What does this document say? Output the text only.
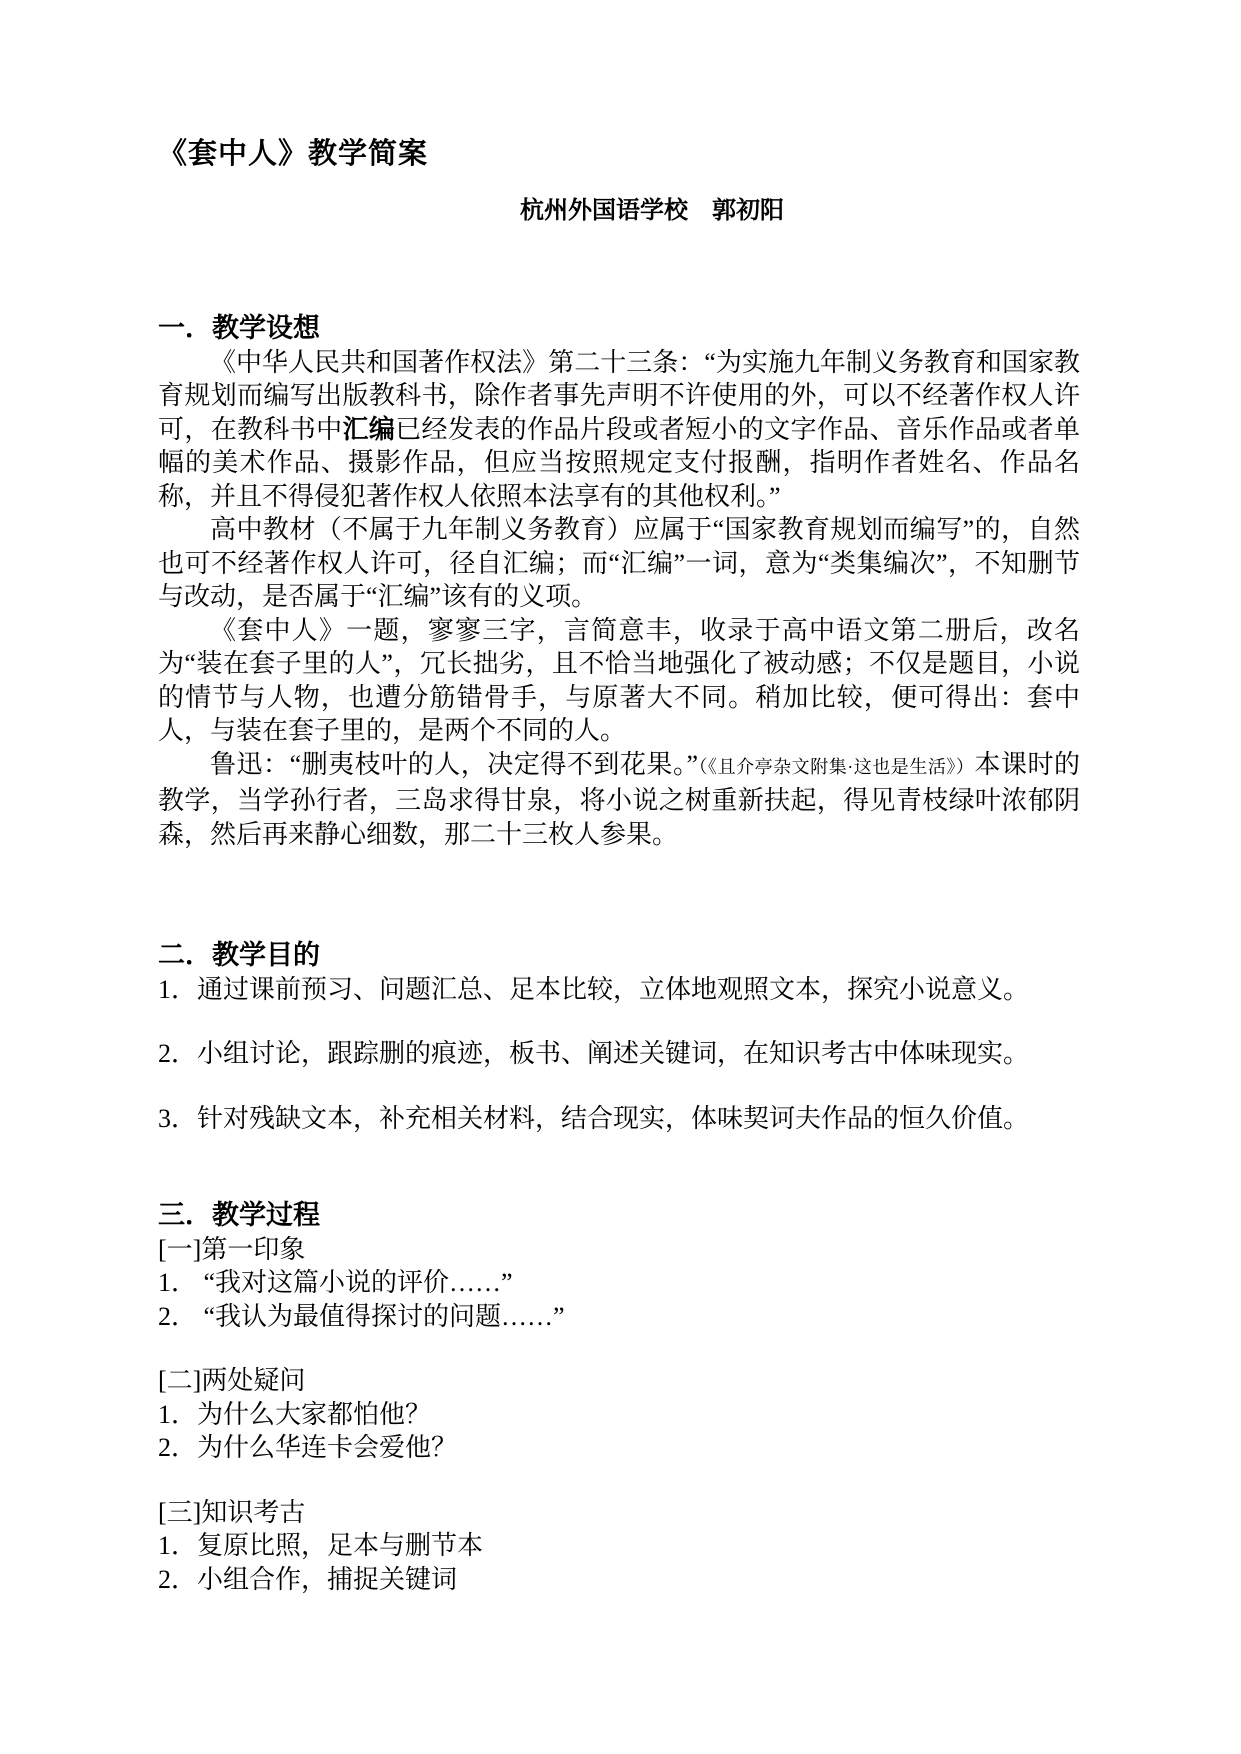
《套中人》教学简案
杭州外国语学校　郭初阳
一．教学设想

《中华人民共和国著作权法》第二十三条：“为实施九年制义务教育和国家教育规划而编写出版教科书，除作者事先声明不许使用的外，可以不经著作权人许可，在教科书中汇编已经发表的作品片段或者短小的文字作品、音乐作品或者单幅的美术作品、摄影作品，但应当按照规定支付报酬，指明作者姓名、作品名称，并且不得侵犯著作权人依照本法享有的其他权利。”

高中教材（不属于九年制义务教育）应属于“国家教育规划而编写”的，自然也可不经著作权人许可，径自汇编；而“汇编”一词，意为“类集编次”，不知删节与改动，是否属于“汇编”该有的义项。

《套中人》一题，寥寥三字，言简意丰，收录于高中语文第二册后，改名为“装在套子里的人”，冗长拙劣，且不恰当地强化了被动感；不仅是题目，小说的情节与人物，也遭分筋错骨手，与原著大不同。稍加比较，便可得出：套中人，与装在套子里的，是两个不同的人。

鲁迅：“删夷枝叶的人，决定得不到花果。”（《且介亭杂文附集·这也是生活》）本课时的教学，当学孙行者，三岛求得甘泉，将小说之树重新扶起，得见青枝绿叶浓郁阴森，然后再来静心细数，那二十三枚人参果。

二．教学目的

1．通过课前预习、问题汇总、足本比较，立体地观照文本，探究小说意义。

2．小组讨论，跟踪删的痕迹，板书、阐述关键词，在知识考古中体味现实。

3．针对残缺文本，补充相关材料，结合现实，体味契诃夫作品的恒久价值。

三．教学过程

[一]第一印象

1． “我对这篇小说的评价……”

2． “我认为最值得探讨的问题……”

[二]两处疑问

1．为什么大家都怕他？

2．为什么华连卡会爱他？

[三]知识考古

1．复原比照，足本与删节本

2．小组合作，捕捉关键词
